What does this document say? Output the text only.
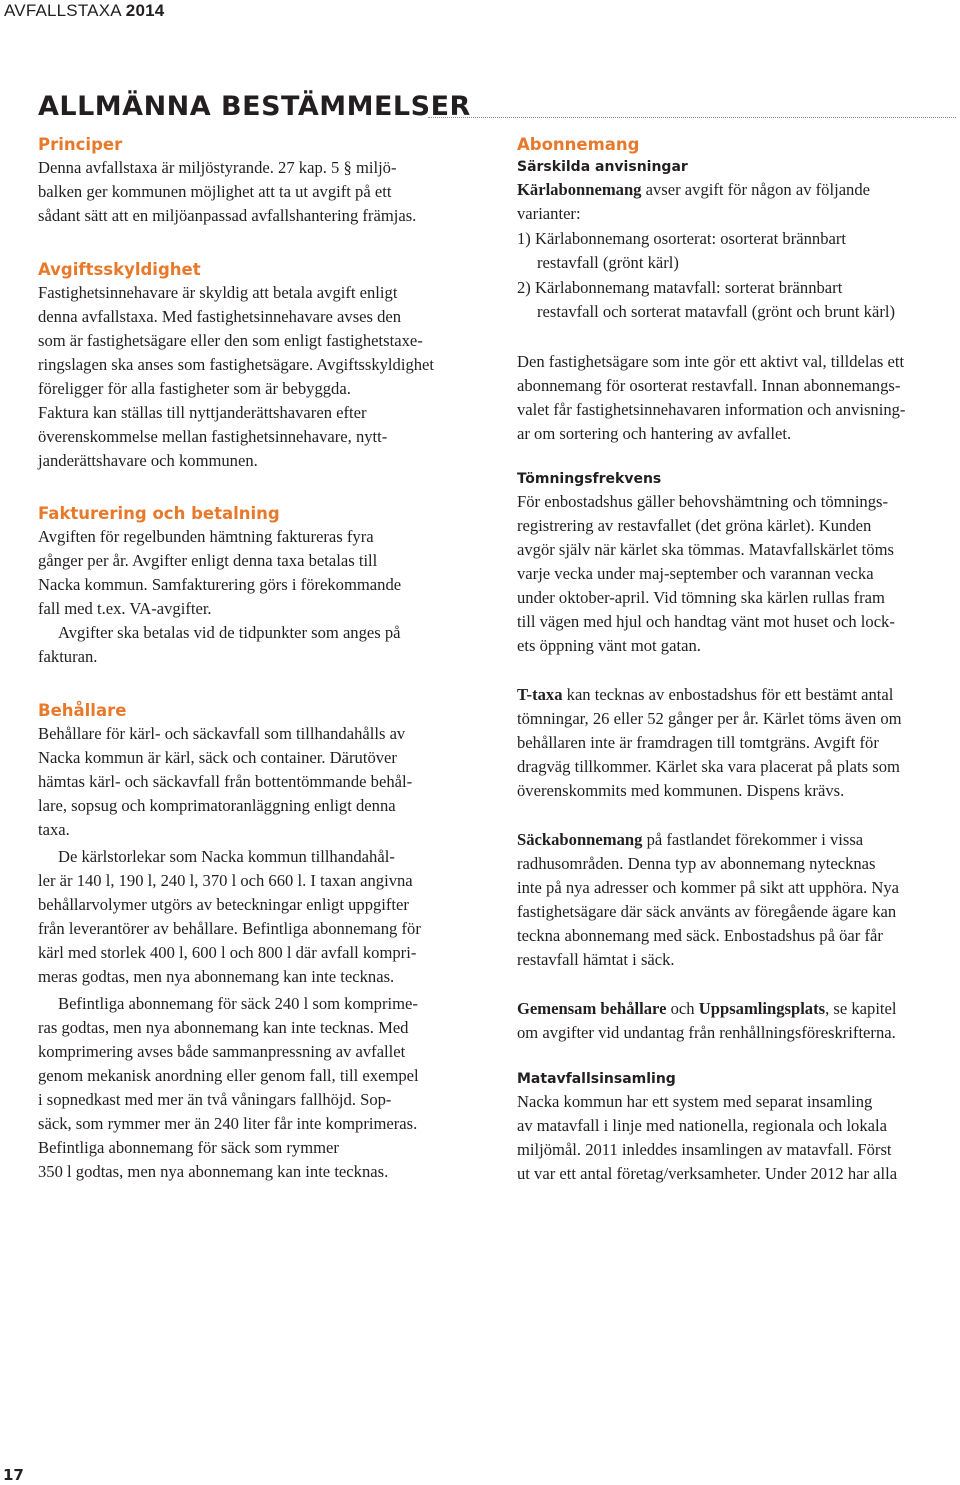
AVFALLSTAXA 2014
ALLMÄNNA BESTÄMMELSER
Principer
Denna avfallstaxa är miljöstyrande. 27 kap. 5 § miljö-
balken ger kommunen möjlighet att ta ut avgift på ett
sådant sätt att en miljöanpassad avfallshantering främjas.
Avgiftsskyldighet
Fastighetsinnehavare är skyldig att betala avgift enligt
denna avfallstaxa. Med fastighetsinnehavare avses den
som är fastighetsägare eller den som enligt fastighetstaxe-
ringslagen ska anses som fastighetsägare. Avgiftsskyldighet
föreligger för alla fastigheter som är bebyggda.
Faktura kan ställas till nyttjanderättshavaren efter
överenskommelse mellan fastighetsinnehavare, nytt-
janderättshavare och kommunen.
Fakturering och betalning
Avgiften för regelbunden hämtning faktureras fyra
gånger per år. Avgifter enligt denna taxa betalas till
Nacka kommun. Samfakturering görs i förekommande
fall med t.ex. VA-avgifter.
Avgifter ska betalas vid de tidpunkter som anges på
fakturan.
Behållare
Behållare för kärl- och säckavfall som tillhandahålls av
Nacka kommun är kärl, säck och container. Därutöver
hämtas kärl- och säckavfall från bottentömmande behål-
lare, sopsug och komprimatoranläggning enligt denna
taxa.
De kärlstorlekar som Nacka kommun tillhandahål-
ler är 140 l, 190 l, 240 l, 370 l och 660 l. I taxan angivna
behållarvolymer utgörs av beteckningar enligt uppgifter
från leverantörer av behållare. Befintliga abonnemang för
kärl med storlek 400 l, 600 l och 800 l där avfall kompri-
meras godtas, men nya abonnemang kan inte tecknas.
Befintliga abonnemang för säck 240 l som komprime-
ras godtas, men nya abonnemang kan inte tecknas. Med
komprimering avses både sammanpressning av avfallet
genom mekanisk anordning eller genom fall, till exempel
i sopnedkast med mer än två våningars fallhöjd. Sop-
säck, som rymmer mer än 240 liter får inte komprimeras.
Befintliga abonnemang för säck som rymmer
350 l godtas, men nya abonnemang kan inte tecknas.
Abonnemang
Särskilda anvisningar
Kärlabonnemang avser avgift för någon av följande
varianter:
1) Kärlabonnemang osorterat: osorterat brännbart
restavfall (grönt kärl)
2) Kärlabonnemang matavfall: sorterat brännbart
restavfall och sorterat matavfall (grönt och brunt kärl)
Den fastighetsägare som inte gör ett aktivt val, tilldelas ett
abonnemang för osorterat restavfall. Innan abonnemangs-
valet får fastighetsinnehavaren information och anvisning-
ar om sortering och hantering av avfallet.
Tömningsfrekvens
För enbostadshus gäller behovshämtning och tömnings-
registrering av restavfallet (det gröna kärlet). Kunden
avgör själv när kärlet ska tömmas. Matavfallskärlet töms
varje vecka under maj-september och varannan vecka
under oktober-april. Vid tömning ska kärlen rullas fram
till vägen med hjul och handtag vänt mot huset och lock-
ets öppning vänt mot gatan.
T-taxa kan tecknas av enbostadshus för ett bestämt antal
tömningar, 26 eller 52 gånger per år. Kärlet töms även om
behållaren inte är framdragen till tomtgräns. Avgift för
dragväg tillkommer. Kärlet ska vara placerat på plats som
överenskommits med kommunen. Dispens krävs.
Säckabonnemang på fastlandet förekommer i vissa
radhusområden. Denna typ av abonnemang nytecknas
inte på nya adresser och kommer på sikt att upphöra. Nya
fastighetsägare där säck använts av föregående ägare kan
teckna abonnemang med säck. Enbostadshus på öar får
restavfall hämtat i säck.
Gemensam behållare och Uppsamlingsplats, se kapitel
om avgifter vid undantag från renhållningsföreskrifterna.
Matavfallsinsamling
Nacka kommun har ett system med separat insamling
av matavfall i linje med nationella, regionala och lokala
miljömål. 2011 inleddes insamlingen av matavfall. Först
ut var ett antal företag/verksamheter. Under 2012 har alla
17
